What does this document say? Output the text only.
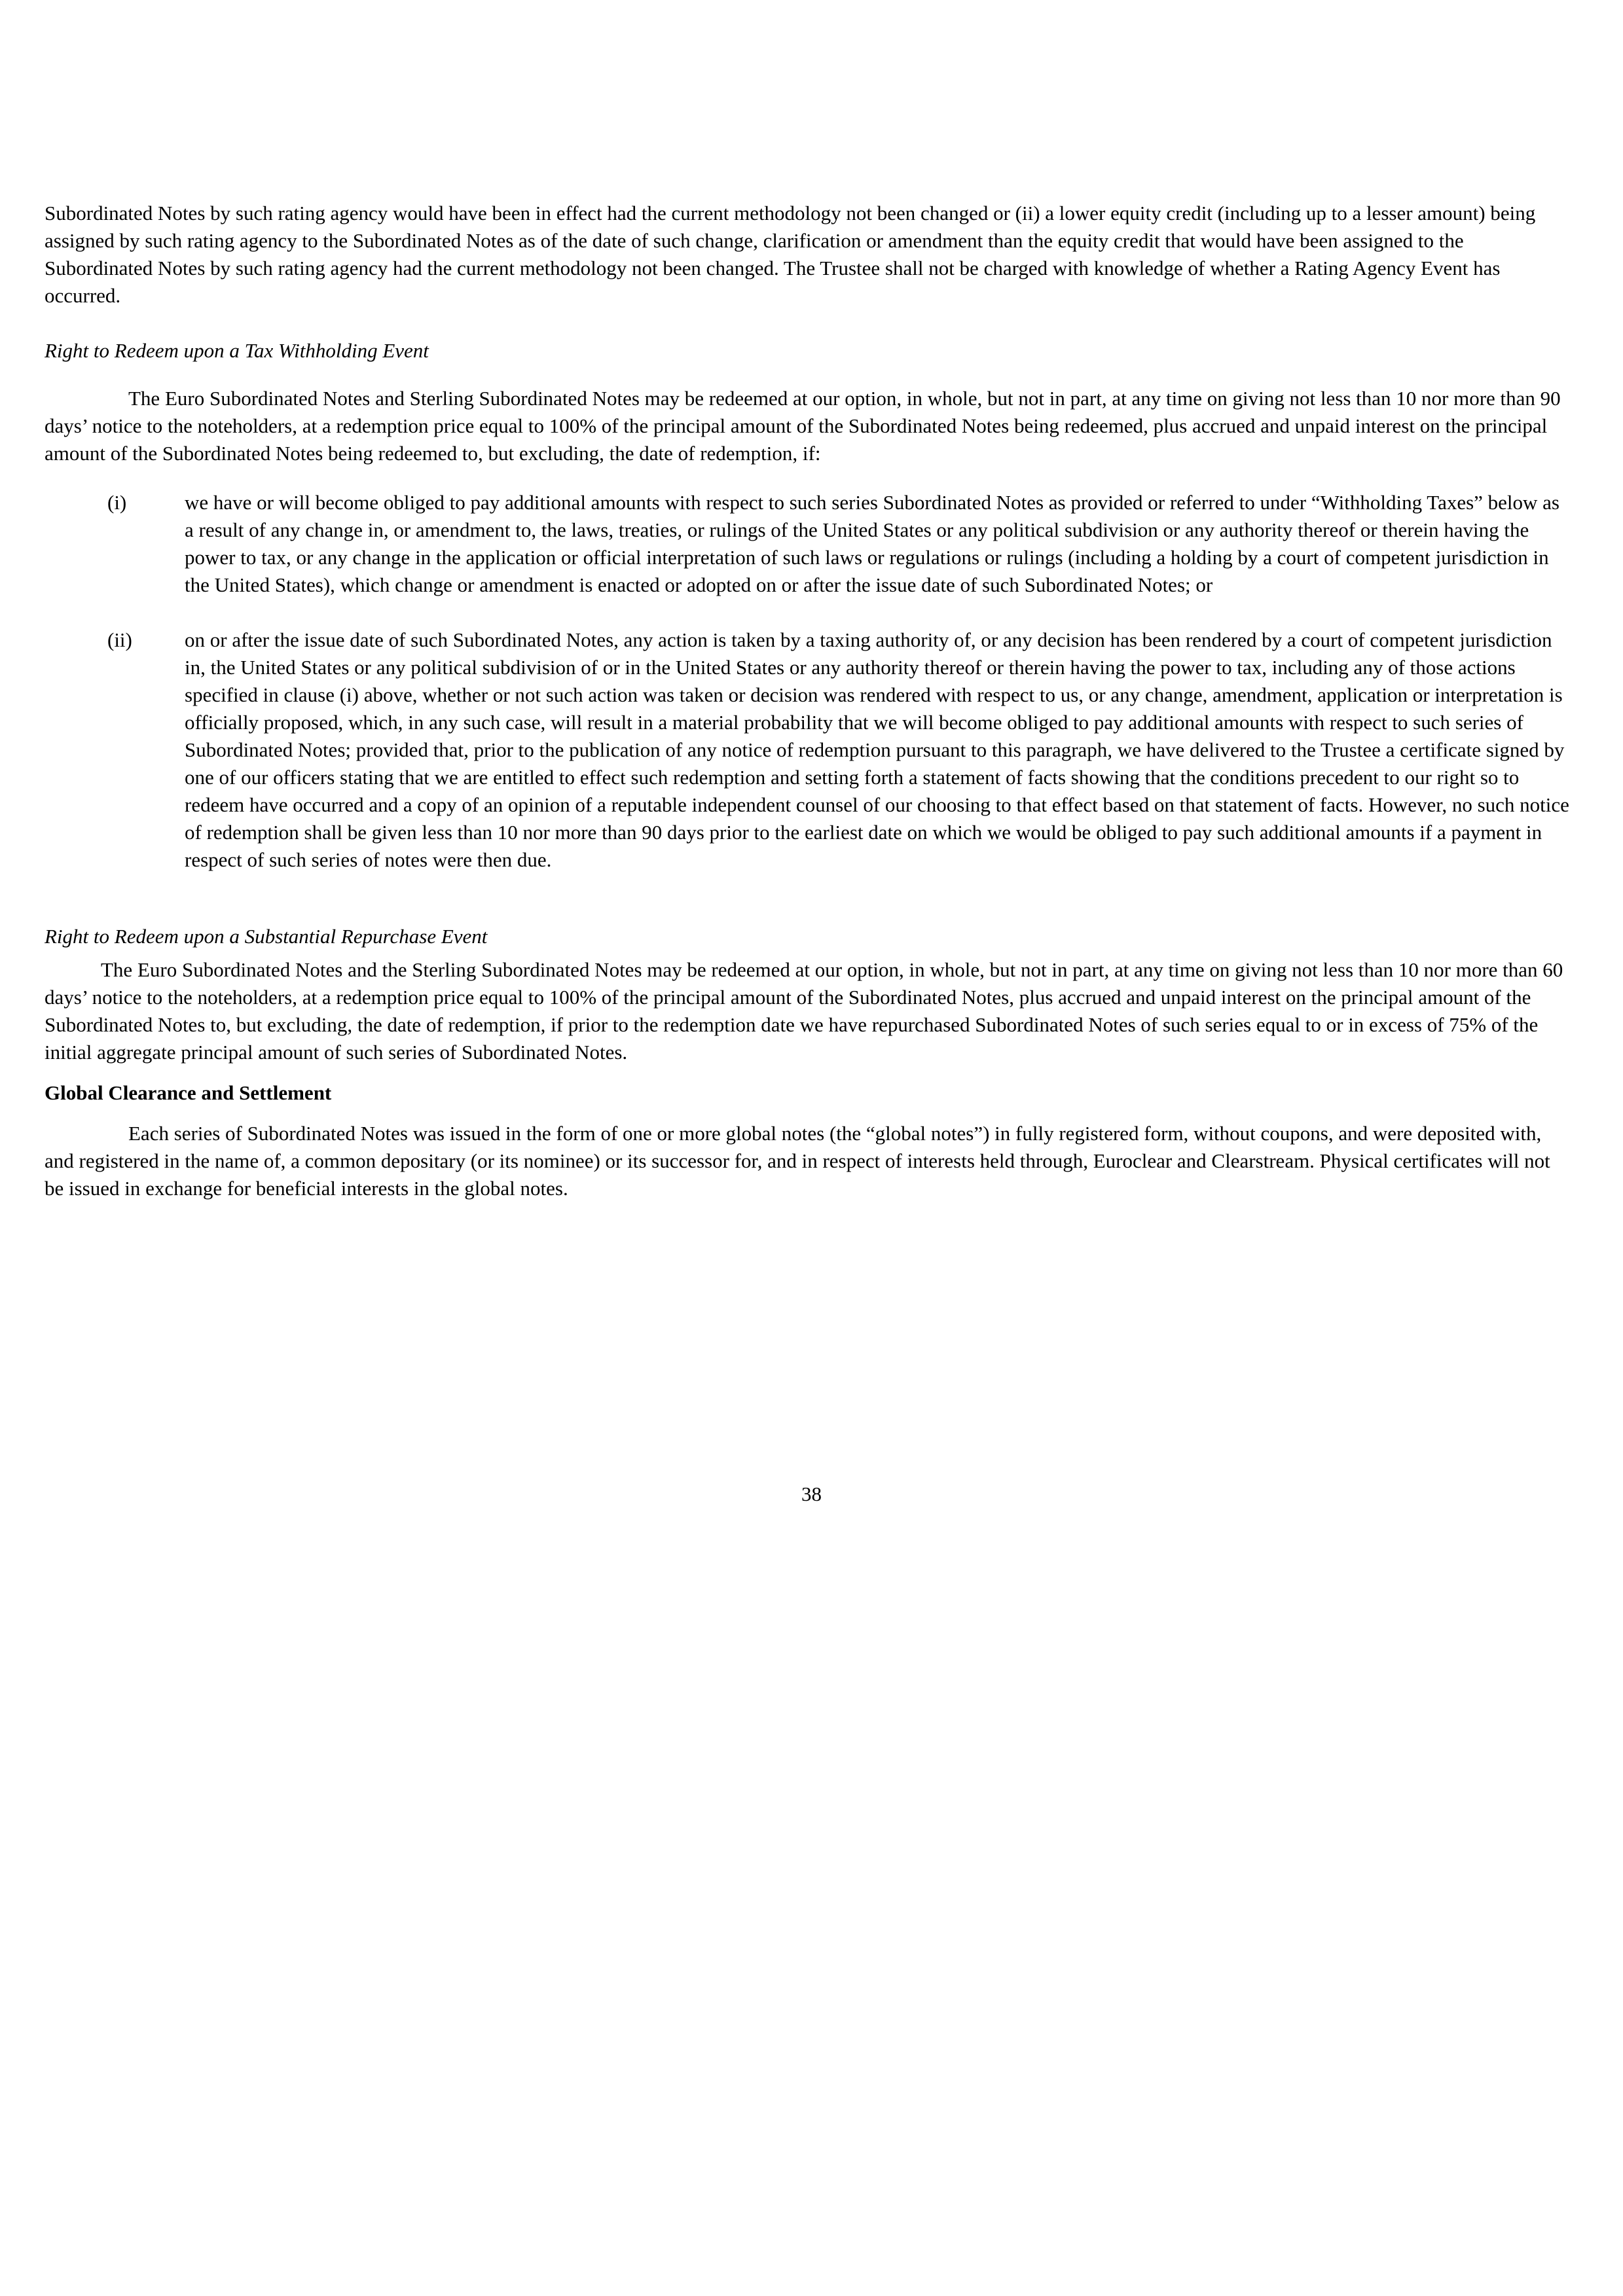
Subordinated Notes by such rating agency would have been in effect had the current methodology not been changed or (ii) a lower equity credit (including up to a lesser amount) being assigned by such rating agency to the Subordinated Notes as of the date of such change, clarification or amendment than the equity credit that would have been assigned to the Subordinated Notes by such rating agency had the current methodology not been changed. The Trustee shall not be charged with knowledge of whether a Rating Agency Event has occurred.

Right to Redeem upon a Tax Withholding Event

The Euro Subordinated Notes and Sterling Subordinated Notes may be redeemed at our option, in whole, but not in part, at any time on giving not less than 10 nor more than 90 days’ notice to the noteholders, at a redemption price equal to 100% of the principal amount of the Subordinated Notes being redeemed, plus accrued and unpaid interest on the principal amount of the Subordinated Notes being redeemed to, but excluding, the date of redemption, if:

(i)	we have or will become obliged to pay additional amounts with respect to such series Subordinated Notes as provided or referred to under “Withholding Taxes” below as a result of any change in, or amendment to, the laws, treaties, or rulings of the United States or any political subdivision or any authority thereof or therein having the power to tax, or any change in the application or official interpretation of such laws or regulations or rulings (including a holding by a court of competent jurisdiction in the United States), which change or amendment is enacted or adopted on or after the issue date of such Subordinated Notes; or
(ii)	on or after the issue date of such Subordinated Notes, any action is taken by a taxing authority of, or any decision has been rendered by a court of competent jurisdiction in, the United States or any political subdivision of or in the United States or any authority thereof or therein having the power to tax, including any of those actions specified in clause (i) above, whether or not such action was taken or decision was rendered with respect to us, or any change, amendment, application or interpretation is officially proposed, which, in any such case, will result in a material probability that we will become obliged to pay additional amounts with respect to such series of Subordinated Notes; provided that, prior to the publication of any notice of redemption pursuant to this paragraph, we have delivered to the Trustee a certificate signed by one of our officers stating that we are entitled to effect such redemption and setting forth a statement of facts showing that the conditions precedent to our right so to redeem have occurred and a copy of an opinion of a reputable independent counsel of our choosing to that effect based on that statement of facts. However, no such notice of redemption shall be given less than 10 nor more than 90 days prior to the earliest date on which we would be obliged to pay such additional amounts if a payment in respect of such series of notes were then due.

Right to Redeem upon a Substantial Repurchase Event

The Euro Subordinated Notes and the Sterling Subordinated Notes may be redeemed at our option, in whole, but not in part, at any time on giving not less than 10 nor more than 60 days’ notice to the noteholders, at a redemption price equal to 100% of the principal amount of the Subordinated Notes, plus accrued and unpaid interest on the principal amount of the Subordinated Notes to, but excluding, the date of redemption, if prior to the redemption date we have repurchased Subordinated Notes of such series equal to or in excess of 75% of the initial aggregate principal amount of such series of Subordinated Notes.

Global Clearance and Settlement

Each series of Subordinated Notes was issued in the form of one or more global notes (the “global notes”) in fully registered form, without coupons, and were deposited with, and registered in the name of, a common depositary (or its nominee) or its successor for, and in respect of interests held through, Euroclear and Clearstream. Physical certificates will not be issued in exchange for beneficial interests in the global notes.

38
